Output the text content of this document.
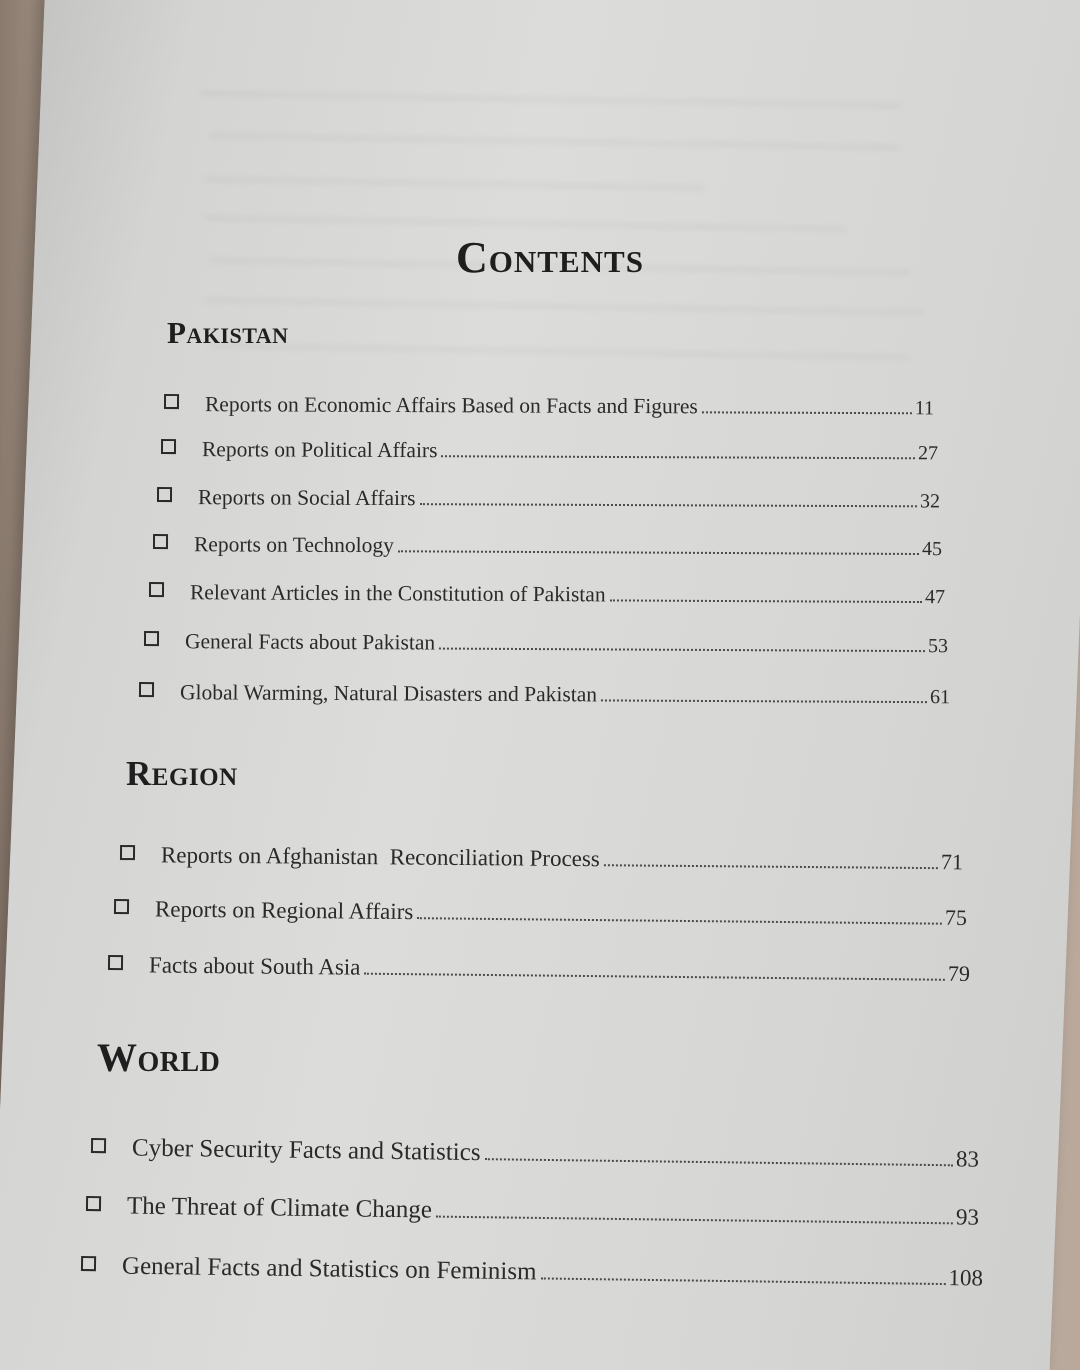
Contents
Pakistan
Reports on Economic Affairs Based on Facts and Figures	11
Reports on Political Affairs	27
Reports on Social Affairs	32
Reports on Technology	45
Relevant Articles in the Constitution of Pakistan	47
General Facts about Pakistan	53
Global Warming, Natural Disasters and Pakistan	61
Region
Reports on Afghanistan  Reconciliation Process	71
Reports on Regional Affairs	75
Facts about South Asia	79
World
Cyber Security Facts and Statistics	83
The Threat of Climate Change	93
General Facts and Statistics on Feminism	108
